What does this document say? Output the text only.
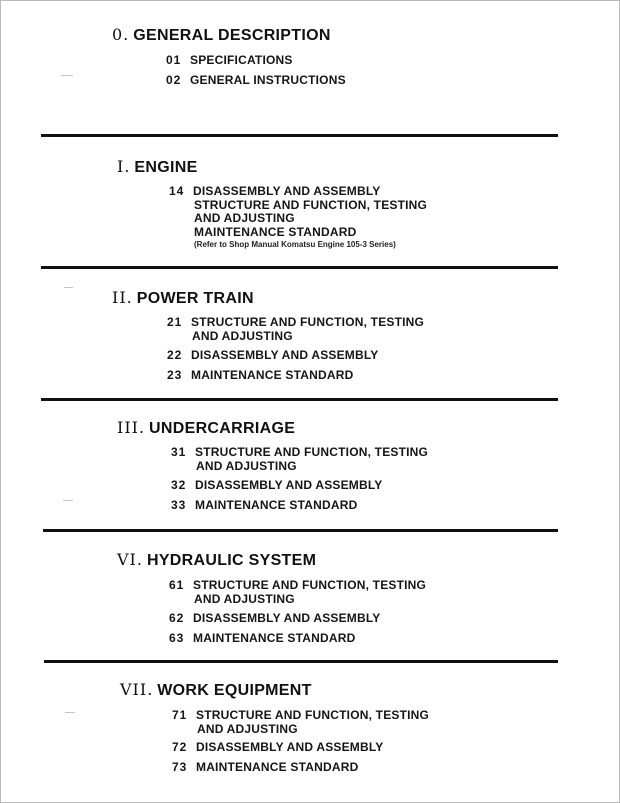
0. GENERAL DESCRIPTION
01 SPECIFICATIONS
02 GENERAL INSTRUCTIONS
I. ENGINE
14 DISASSEMBLY AND ASSEMBLY
STRUCTURE AND FUNCTION, TESTING
AND ADJUSTING
MAINTENANCE STANDARD
(Refer to Shop Manual Komatsu Engine 105-3 Series)
II. POWER TRAIN
21 STRUCTURE AND FUNCTION, TESTING
AND ADJUSTING
22 DISASSEMBLY AND ASSEMBLY
23 MAINTENANCE STANDARD
III. UNDERCARRIAGE
31 STRUCTURE AND FUNCTION, TESTING
AND ADJUSTING
32 DISASSEMBLY AND ASSEMBLY
33 MAINTENANCE STANDARD
VI. HYDRAULIC SYSTEM
61 STRUCTURE AND FUNCTION, TESTING
AND ADJUSTING
62 DISASSEMBLY AND ASSEMBLY
63 MAINTENANCE STANDARD
VII. WORK EQUIPMENT
71 STRUCTURE AND FUNCTION, TESTING
AND ADJUSTING
72 DISASSEMBLY AND ASSEMBLY
73 MAINTENANCE STANDARD
